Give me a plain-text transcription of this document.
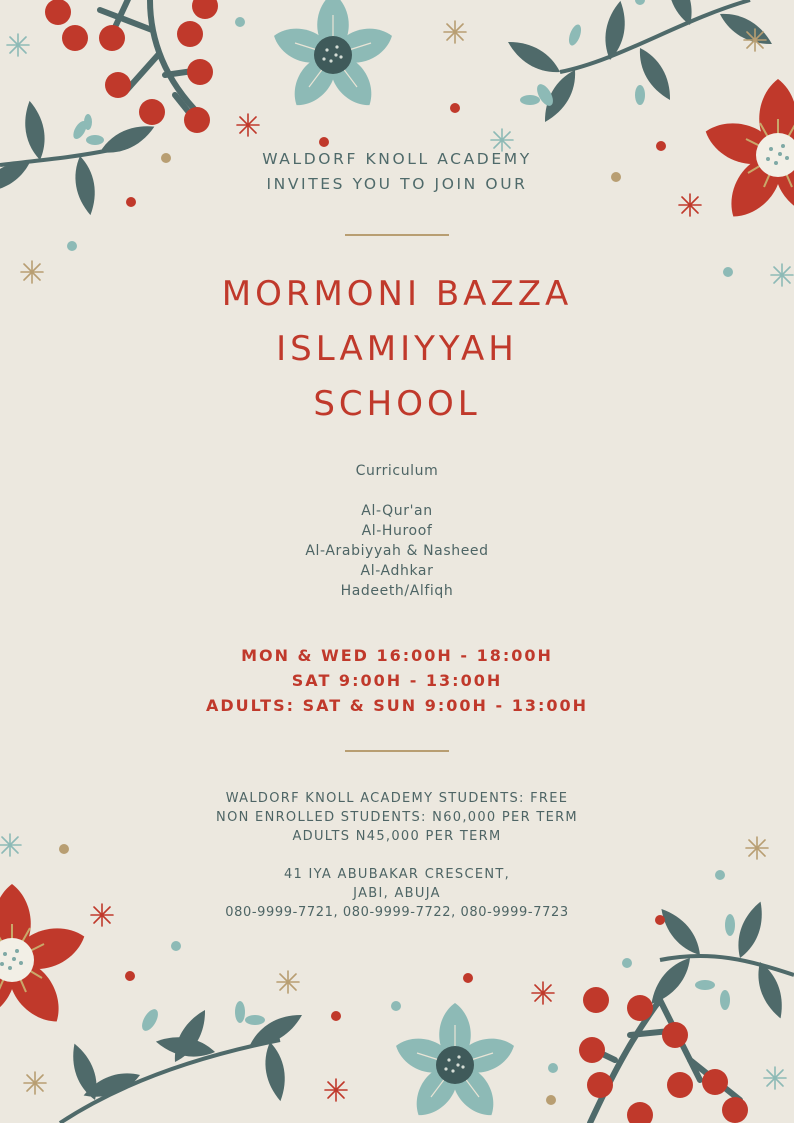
WALDORF KNOLL ACADEMY
INVITES YOU TO JOIN OUR
MORMONI BAZZA
ISLAMIYYAH
SCHOOL
Curriculum
Al-Qur'an
Al-Huroof
Al-Arabiyyah & Nasheed
Al-Adhkar
Hadeeth/Alfiqh
MON & WED 16:00H - 18:00H
SAT 9:00H - 13:00H
ADULTS: SAT & SUN 9:00H - 13:00H
WALDORF KNOLL ACADEMY STUDENTS: FREE
NON ENROLLED STUDENTS: N60,000 PER TERM
ADULTS N45,000 PER TERM
41 IYA ABUBAKAR CRESCENT,
JABI, ABUJA
080-9999-7721, 080-9999-7722, 080-9999-7723
